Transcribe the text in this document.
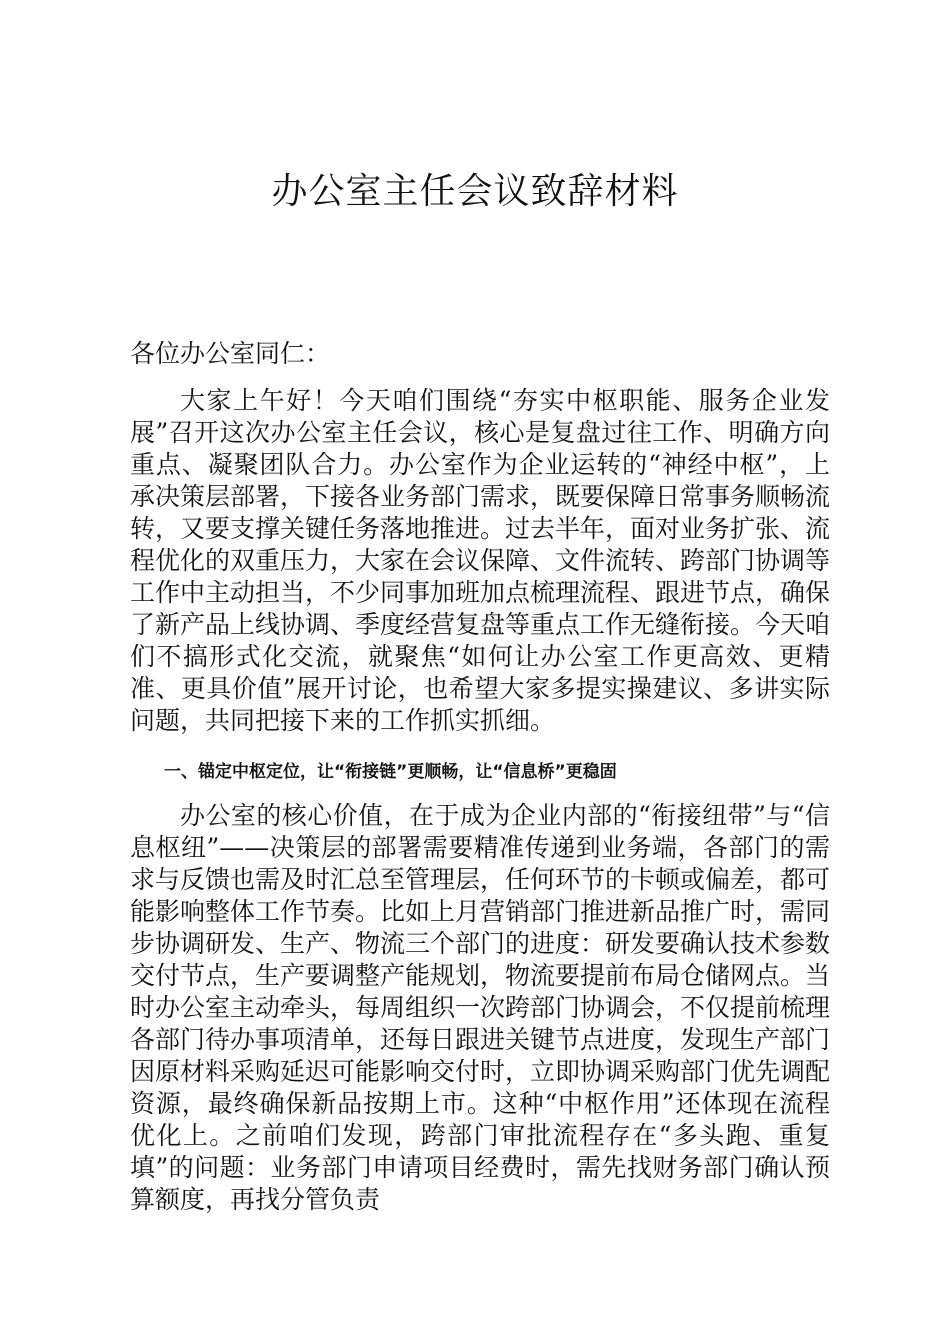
办公室主任会议致辞材料

各位办公室同仁：

大家上午好！今天咱们围绕“夯实中枢职能、服务企业发展”召开这次办公室主任会议，核心是复盘过往工作、明确方向重点、凝聚团队合力。办公室作为企业运转的“神经中枢”，上承决策层部署，下接各业务部门需求，既要保障日常事务顺畅流转，又要支撑关键任务落地推进。过去半年，面对业务扩张、流程优化的双重压力，大家在会议保障、文件流转、跨部门协调等工作中主动担当，不少同事加班加点梳理流程、跟进节点，确保了新产品上线协调、季度经营复盘等重点工作无缝衔接。今天咱们不搞形式化交流，就聚焦“如何让办公室工作更高效、更精准、更具价值”展开讨论，也希望大家多提实操建议、多讲实际问题，共同把接下来的工作抓实抓细。

一、锚定中枢定位，让“衔接链”更顺畅，让“信息桥”更稳固

办公室的核心价值，在于成为企业内部的“衔接纽带”与“信息枢纽”——决策层的部署需要精准传递到业务端，各部门的需求与反馈也需及时汇总至管理层，任何环节的卡顿或偏差，都可能影响整体工作节奏。比如上月营销部门推进新品推广时，需同步协调研发、生产、物流三个部门的进度：研发要确认技术参数交付节点，生产要调整产能规划，物流要提前布局仓储网点。当时办公室主动牵头，每周组织一次跨部门协调会，不仅提前梳理各部门待办事项清单，还每日跟进关键节点进度，发现生产部门因原材料采购延迟可能影响交付时，立即协调采购部门优先调配资源，最终确保新品按期上市。这种“中枢作用”还体现在流程优化上。之前咱们发现，跨部门审批流程存在“多头跑、重复填”的问题：业务部门申请项目经费时，需先找财务部门确认预算额度，再找分管负责
